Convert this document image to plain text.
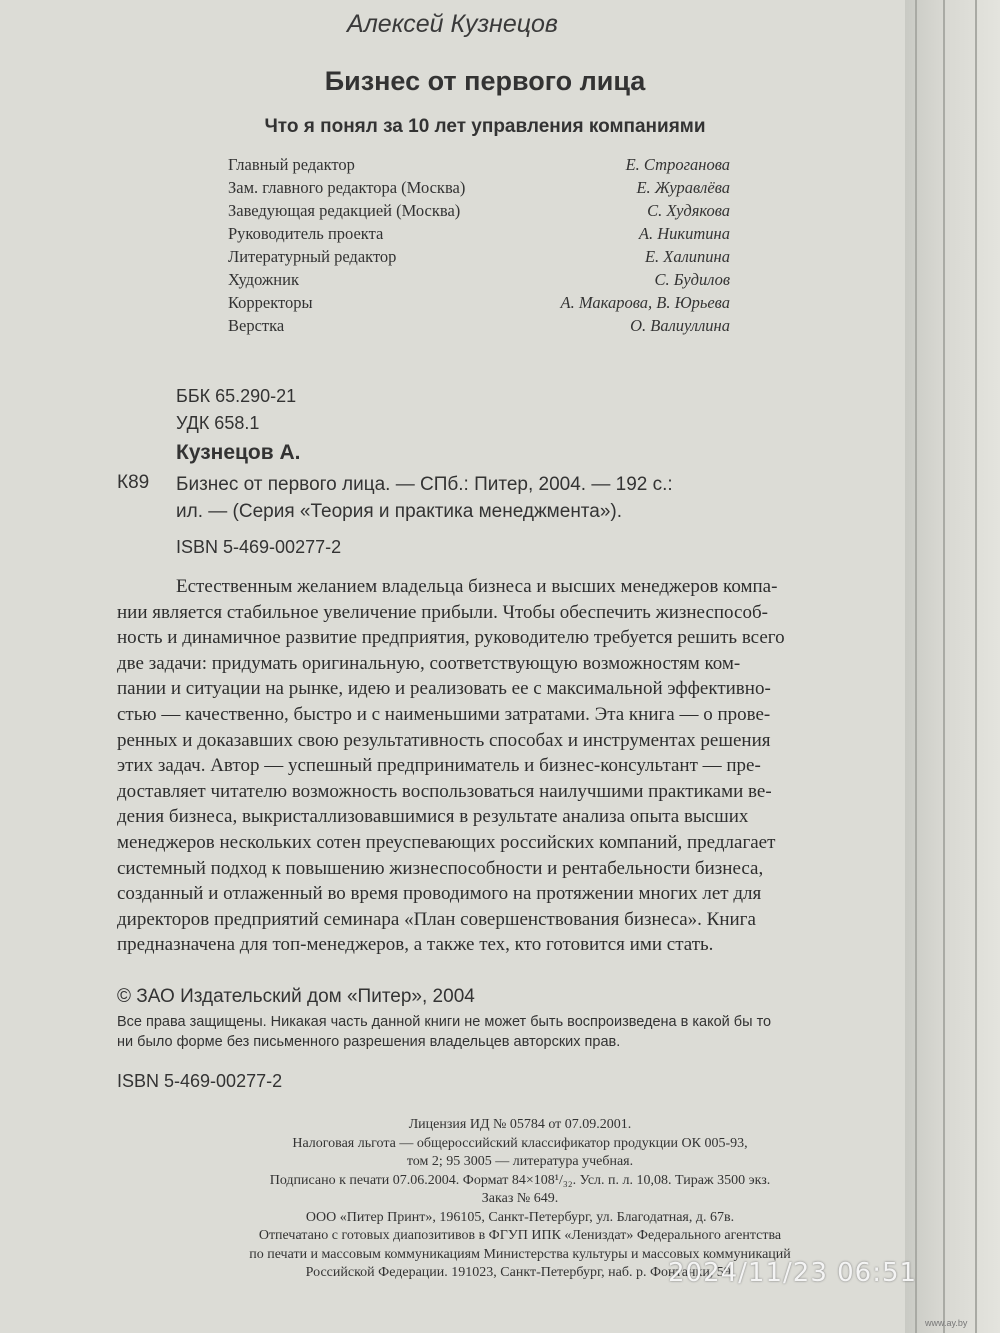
Алексей Кузнецов
Бизнес от первого лица
Что я понял за 10 лет управления компаниями
Главный редактор	Е. Строганова
Зам. главного редактора (Москва)	Е. Журавлёва
Заведующая редакцией (Москва)	С. Худякова
Руководитель проекта	А. Никитина
Литературный редактор	Е. Халипина
Художник	С. Будилов
Корректоры	А. Макарова, В. Юрьева
Верстка	О. Валиуллина
ББК 65.290-21
УДК 658.1
Кузнецов А.
К89 Бизнес от первого лица. — СПб.: Питер, 2004. — 192 с.:
ил. — (Серия «Теория и практика менеджмента»).
ISBN 5-469-00277-2
Естественным желанием владельца бизнеса и высших менеджеров компа-
нии является стабильное увеличение прибыли. Чтобы обеспечить жизнеспособ-
ность и динамичное развитие предприятия, руководителю требуется решить всего
две задачи: придумать оригинальную, соответствующую возможностям ком-
пании и ситуации на рынке, идею и реализовать ее с максимальной эффективно-
стью — качественно, быстро и с наименьшими затратами. Эта книга — о прове-
ренных и доказавших свою результативность способах и инструментах решения
этих задач. Автор — успешный предприниматель и бизнес-консультант — пре-
доставляет читателю возможность воспользоваться наилучшими практиками ве-
дения бизнеса, выкристаллизовавшимися в результате анализа опыта высших
менеджеров нескольких сотен преуспевающих российских компаний, предлагает
системный подход к повышению жизнеспособности и рентабельности бизнеса,
созданный и отлаженный во время проводимого на протяжении многих лет для
директоров предприятий семинара «План совершенствования бизнеса». Книга
предназначена для топ-менеджеров, а также тех, кто готовится ими стать.
© ЗАО Издательский дом «Питер», 2004
Все права защищены. Никакая часть данной книги не может быть воспроизведена в какой бы то
ни было форме без письменного разрешения владельцев авторских прав.
ISBN 5-469-00277-2
Лицензия ИД № 05784 от 07.09.2001.
Налоговая льгота — общероссийский классификатор продукции ОК 005-93,
том 2; 95 3005 — литература учебная.
Подписано к печати 07.06.2004. Формат 84×108¹/₃₂. Усл. п. л. 10,08. Тираж 3500 экз.
Заказ № 649.
ООО «Питер Принт», 196105, Санкт-Петербург, ул. Благодатная, д. 67в.
Отпечатано с готовых диапозитивов в ФГУП ИПК «Лениздат» Федерального агентства
по печати и массовым коммуникациям Министерства культуры и массовых коммуникаций
Российской Федерации. 191023, Санкт-Петербург, наб. р. Фонтанки, 59.
2024/11/23 06:51
www.ay.by
